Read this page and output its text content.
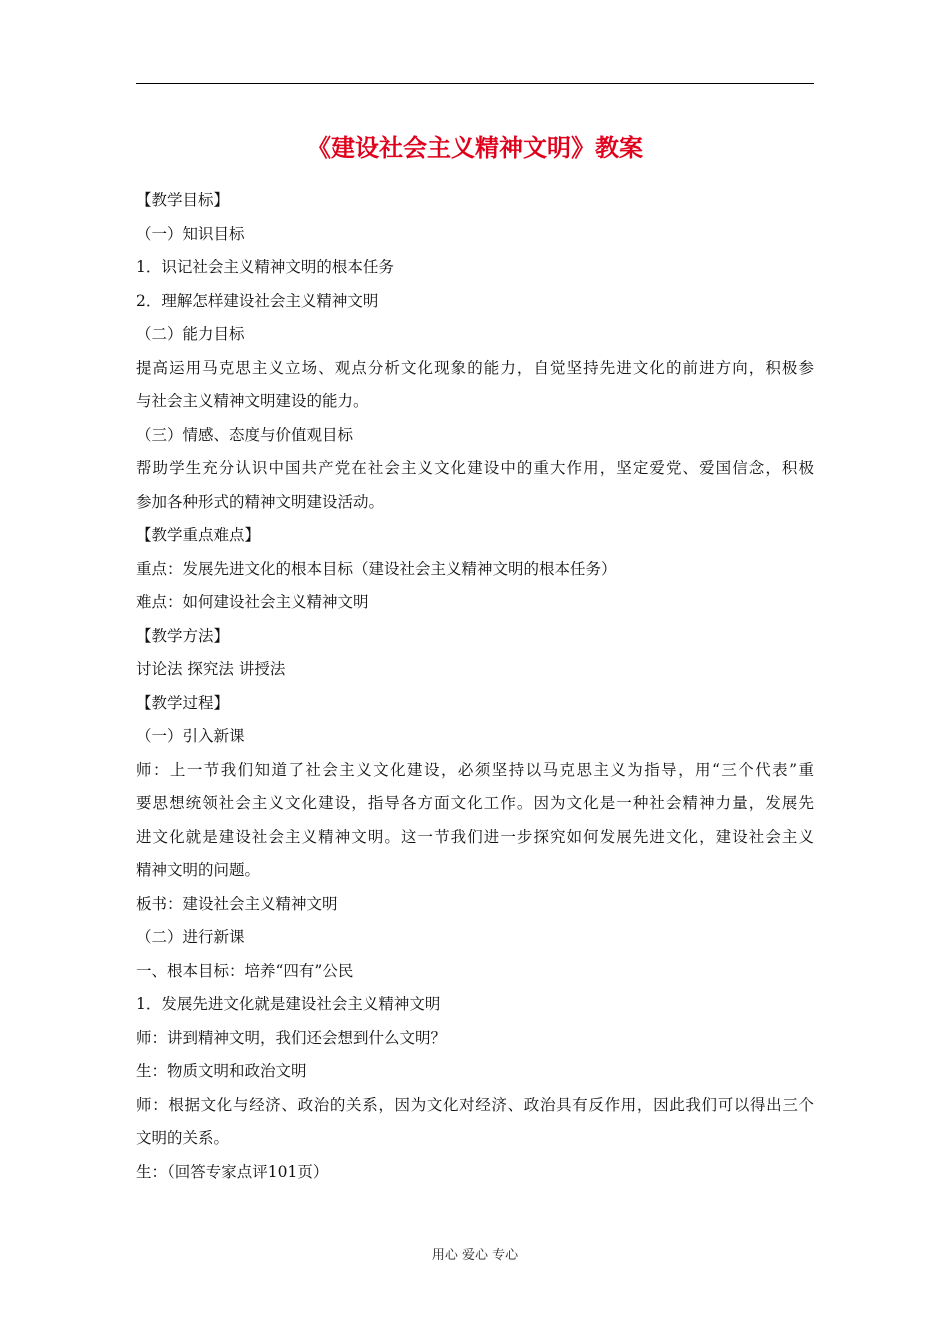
《建设社会主义精神文明》教案
【教学目标】
（一）知识目标
1．识记社会主义精神文明的根本任务
2．理解怎样建设社会主义精神文明
（二）能力目标
提高运用马克思主义立场、观点分析文化现象的能力，自觉坚持先进文化的前进方向，积极参
与社会主义精神文明建设的能力。
（三）情感、态度与价值观目标
帮助学生充分认识中国共产党在社会主义文化建设中的重大作用，坚定爱党、爱国信念，积极
参加各种形式的精神文明建设活动。
【教学重点难点】
重点：发展先进文化的根本目标（建设社会主义精神文明的根本任务）
难点：如何建设社会主义精神文明
【教学方法】
讨论法 探究法 讲授法
【教学过程】
（一）引入新课
师：上一节我们知道了社会主义文化建设，必须坚持以马克思主义为指导，用“三个代表”重
要思想统领社会主义文化建设，指导各方面文化工作。因为文化是一种社会精神力量，发展先
进文化就是建设社会主义精神文明。这一节我们进一步探究如何发展先进文化，建设社会主义
精神文明的问题。
板书：建设社会主义精神文明
（二）进行新课
一、根本目标：培养“四有”公民
1．发展先进文化就是建设社会主义精神文明
师：讲到精神文明，我们还会想到什么文明？
生：物质文明和政治文明
师：根据文化与经济、政治的关系，因为文化对经济、政治具有反作用，因此我们可以得出三个
文明的关系。
生：（回答专家点评101页）
用心 爱心 专心
